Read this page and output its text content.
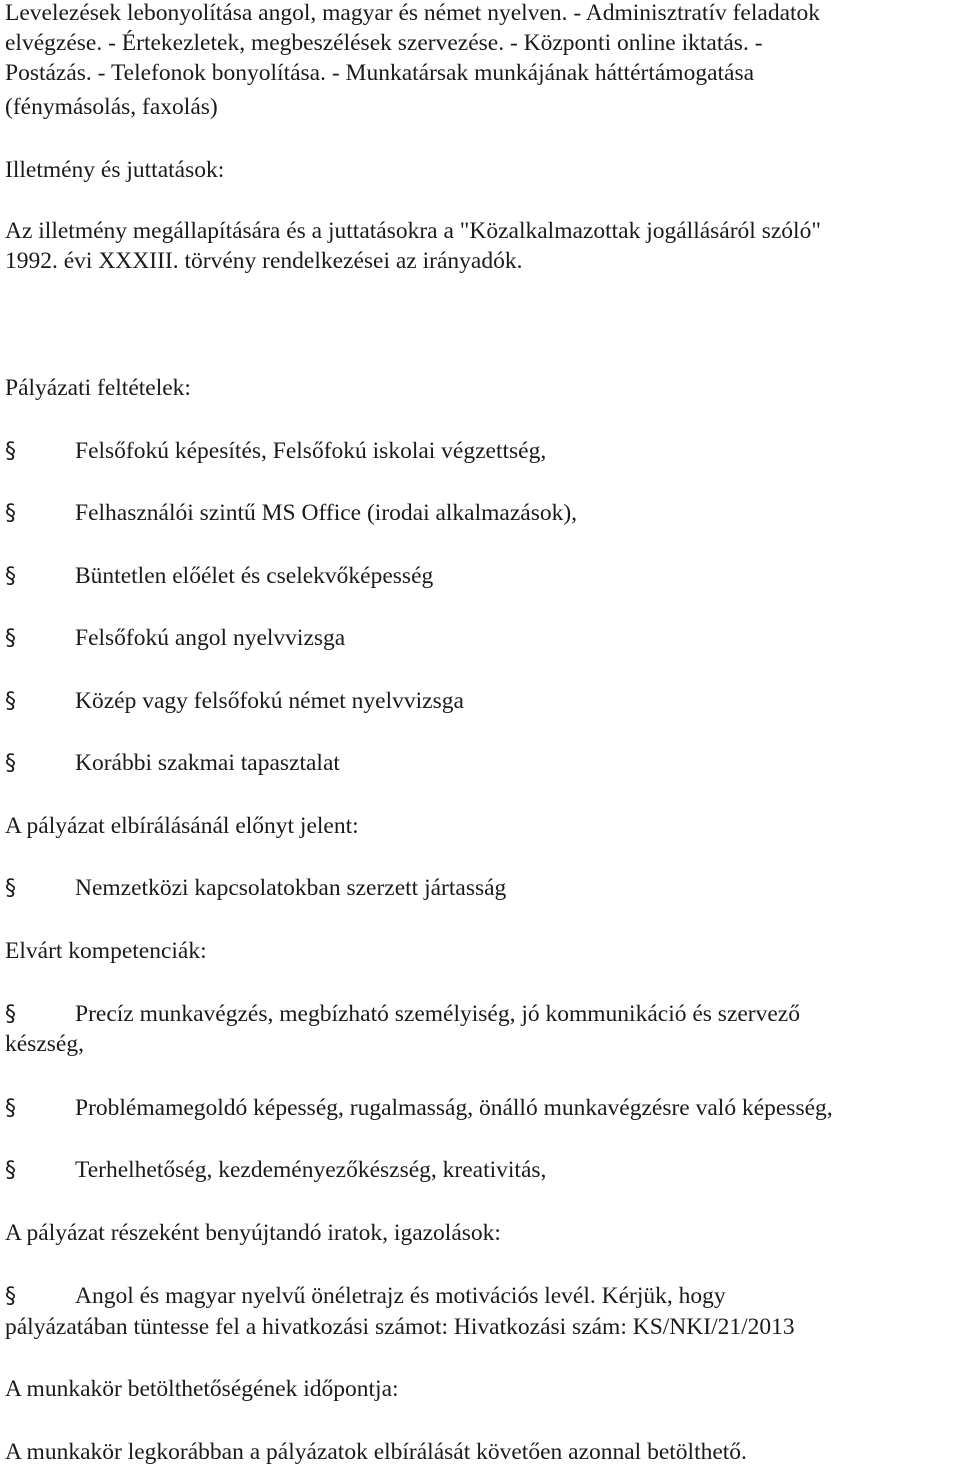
Levelezések lebonyolítása angol, magyar és német nyelven. - Adminisztratív feladatok

elvégzése. - Értekezletek, megbeszélések szervezése. - Központi online iktatás. -

Postázás. - Telefonok bonyolítása. - Munkatársak munkájának háttértámogatása

(fénymásolás, faxolás)

Illetmény és juttatások:

Az illetmény megállapítására és a juttatásokra a "Közalkalmazottak jogállásáról szóló"

1992. évi XXXIII. törvény rendelkezései az irányadók.

Pályázati feltételek:

§	Felsőfokú képesítés, Felsőfokú iskolai végzettség,

§	Felhasználói szintű MS Office (irodai alkalmazások),

§	Büntetlen előélet és cselekvőképesség

§	Felsőfokú angol nyelvvizsga

§	Közép vagy felsőfokú német nyelvvizsga

§	Korábbi szakmai tapasztalat

A pályázat elbírálásánál előnyt jelent:

§	Nemzetközi kapcsolatokban szerzett jártasság

Elvárt kompetenciák:

§	Precíz munkavégzés, megbízható személyiség, jó kommunikáció és szervező

készség,

§	Problémamegoldó képesség, rugalmasság, önálló munkavégzésre való képesség,

§	Terhelhetőség, kezdeményezőkészség, kreativitás,

A pályázat részeként benyújtandó iratok, igazolások:

§	Angol és magyar nyelvű önéletrajz és motivációs levél. Kérjük, hogy

pályázatában tüntesse fel a hivatkozási számot: Hivatkozási szám: KS/NKI/21/2013

A munkakör betölthetőségének időpontja:

A munkakör legkorábban a pályázatok elbírálását követően azonnal betölthető.
